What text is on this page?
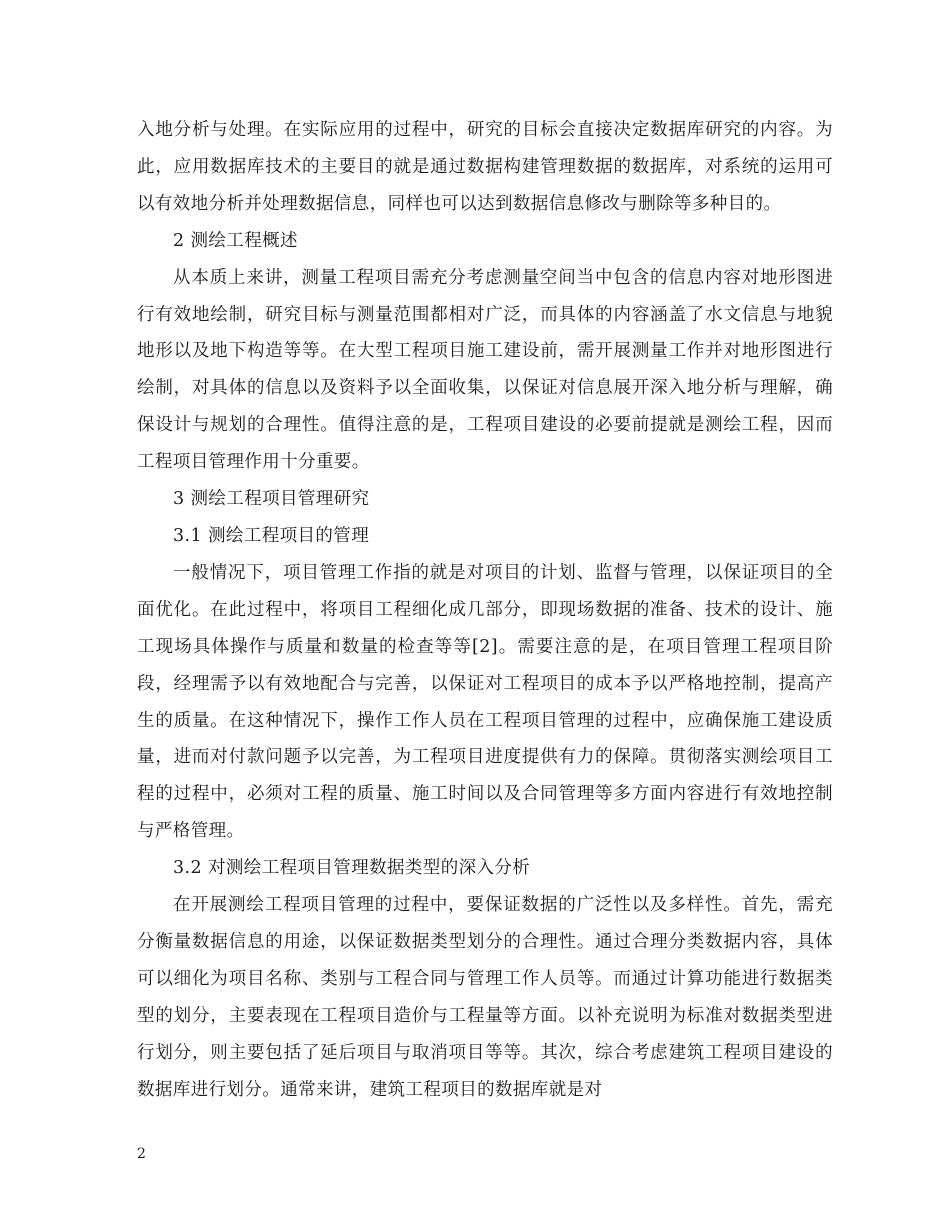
入地分析与处理。在实际应用的过程中，研究的目标会直接决定数据库研究的内容。为此，应用数据库技术的主要目的就是通过数据构建管理数据的数据库，对系统的运用可以有效地分析并处理数据信息，同样也可以达到数据信息修改与删除等多种目的。

2 测绘工程概述

从本质上来讲，测量工程项目需充分考虑测量空间当中包含的信息内容对地形图进行有效地绘制，研究目标与测量范围都相对广泛，而具体的内容涵盖了水文信息与地貌地形以及地下构造等等。在大型工程项目施工建设前，需开展测量工作并对地形图进行绘制，对具体的信息以及资料予以全面收集，以保证对信息展开深入地分析与理解，确保设计与规划的合理性。值得注意的是，工程项目建设的必要前提就是测绘工程，因而工程项目管理作用十分重要。

3 测绘工程项目管理研究

3.1 测绘工程项目的管理

一般情况下，项目管理工作指的就是对项目的计划、监督与管理，以保证项目的全面优化。在此过程中，将项目工程细化成几部分，即现场数据的准备、技术的设计、施工现场具体操作与质量和数量的检查等等[2]。需要注意的是，在项目管理工程项目阶段，经理需予以有效地配合与完善，以保证对工程项目的成本予以严格地控制，提高产生的质量。在这种情况下，操作工作人员在工程项目管理的过程中，应确保施工建设质量，进而对付款问题予以完善，为工程项目进度提供有力的保障。贯彻落实测绘项目工程的过程中，必须对工程的质量、施工时间以及合同管理等多方面内容进行有效地控制与严格管理。

3.2 对测绘工程项目管理数据类型的深入分析

在开展测绘工程项目管理的过程中，要保证数据的广泛性以及多样性。首先，需充分衡量数据信息的用途，以保证数据类型划分的合理性。通过合理分类数据内容，具体可以细化为项目名称、类别与工程合同与管理工作人员等。而通过计算功能进行数据类型的划分，主要表现在工程项目造价与工程量等方面。以补充说明为标准对数据类型进行划分，则主要包括了延后项目与取消项目等等。其次，综合考虑建筑工程项目建设的数据库进行划分。通常来讲，建筑工程项目的数据库就是对

2
